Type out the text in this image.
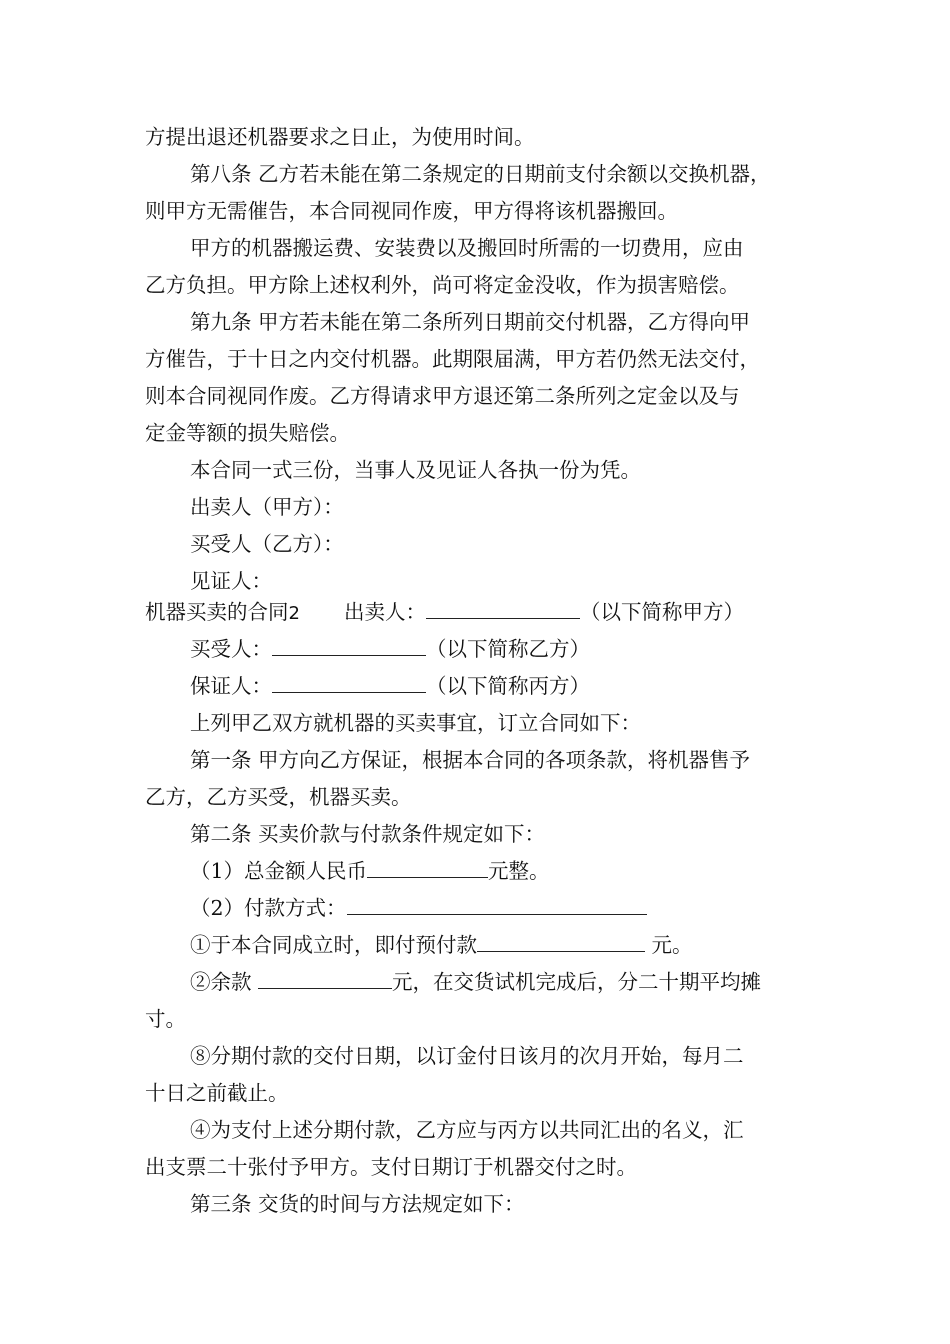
方提出退还机器要求之日止，为使用时间。
第八条 乙方若未能在第二条规定的日期前支付余额以交换机器，
则甲方无需催告，本合同视同作废，甲方得将该机器搬回。
甲方的机器搬运费、安装费以及搬回时所需的一切费用，应由
乙方负担。甲方除上述权利外，尚可将定金没收，作为损害赔偿。
第九条 甲方若未能在第二条所列日期前交付机器，乙方得向甲
方催告，于十日之内交付机器。此期限届满，甲方若仍然无法交付，
则本合同视同作废。乙方得请求甲方退还第二条所列之定金以及与
定金等额的损失赔偿。
本合同一式三份，当事人及见证人各执一份为凭。
出卖人（甲方）：
买受人（乙方）：
见证人：
机器买卖的合同2 出卖人：	（以下简称甲方）
买受人：	（以下简称乙方）
保证人：	（以下简称丙方）
上列甲乙双方就机器的买卖事宜，订立合同如下：
第一条 甲方向乙方保证，根据本合同的各项条款，将机器售予
乙方，乙方买受，机器买卖。
第二条 买卖价款与付款条件规定如下：
（1）总金额人民币	元整。
（2）付款方式：
①于本合同成立时，即付预付款	元。
②余款	元，在交货试机完成后，分二十期平均摊
寸。
⑧分期付款的交付日期，以订金付日该月的次月开始，每月二
十日之前截止。
④为支付上述分期付款，乙方应与丙方以共同汇出的名义，汇
出支票二十张付予甲方。支付日期订于机器交付之时。
第三条 交货的时间与方法规定如下：
